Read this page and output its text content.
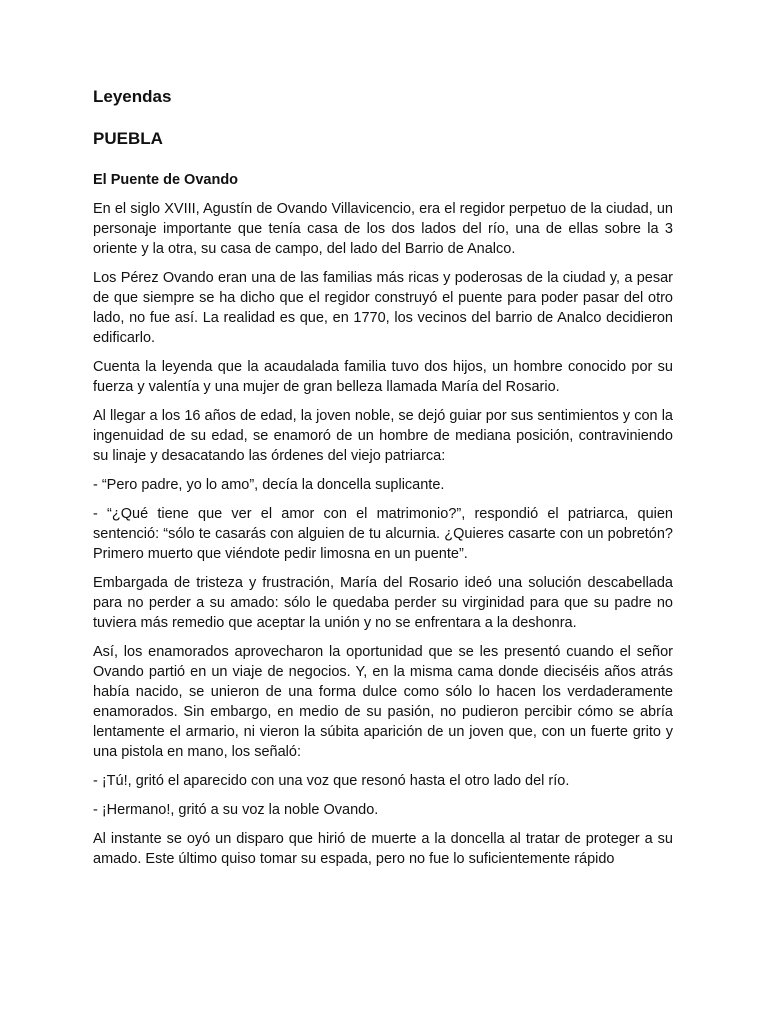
Leyendas
PUEBLA
El Puente de Ovando

En el siglo XVIII, Agustín de Ovando Villavicencio, era el regidor perpetuo de la ciudad, un personaje importante que tenía casa de los dos lados del río, una de ellas sobre la 3 oriente y la otra, su casa de campo, del lado del Barrio de Analco.

Los Pérez Ovando eran una de las familias más ricas y poderosas de la ciudad y, a pesar de que siempre se ha dicho que el regidor construyó el puente para poder pasar del otro lado, no fue así. La realidad es que, en 1770, los vecinos del barrio de Analco decidieron edificarlo.

Cuenta la leyenda que la acaudalada familia tuvo dos hijos, un hombre conocido por su fuerza y valentía y una mujer de gran belleza llamada María del Rosario.

Al llegar a los 16 años de edad, la joven noble, se dejó guiar por sus sentimientos y con la ingenuidad de su edad, se enamoró de un hombre de mediana posición, contraviniendo su linaje y desacatando las órdenes del viejo patriarca:

- “Pero padre, yo lo amo”, decía la doncella suplicante.

- “¿Qué tiene que ver el amor con el matrimonio?”, respondió el patriarca, quien sentenció: “sólo te casarás con alguien de tu alcurnia. ¿Quieres casarte con un pobretón? Primero muerto que viéndote pedir limosna en un puente”.

Embargada de tristeza y frustración, María del Rosario ideó una solución descabellada para no perder a su amado: sólo le quedaba perder su virginidad para que su padre no tuviera más remedio que aceptar la unión y no se enfrentara a la deshonra.

Así, los enamorados aprovecharon la oportunidad que se les presentó cuando el señor Ovando partió en un viaje de negocios. Y, en la misma cama donde dieciséis años atrás había nacido, se unieron de una forma dulce como sólo lo hacen los verdaderamente enamorados. Sin embargo, en medio de su pasión, no pudieron percibir cómo se abría lentamente el armario, ni vieron la súbita aparición de un joven que, con un fuerte grito y una pistola en mano, los señaló:

- ¡Tú!, gritó el aparecido con una voz que resonó hasta el otro lado del río.

- ¡Hermano!, gritó a su voz la noble Ovando.

Al instante se oyó un disparo que hirió de muerte a la doncella al tratar de proteger a su amado. Este último quiso tomar su espada, pero no fue lo suficientemente rápido
